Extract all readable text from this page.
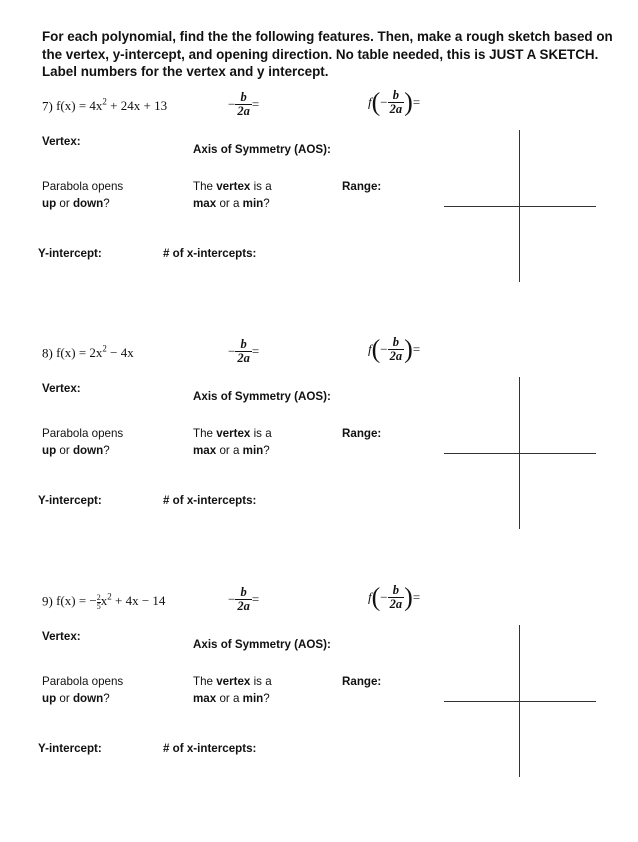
For each polynomial, find the the following features. Then, make a rough sketch based on
the vertex, y-intercept, and opening direction. No table needed, this is JUST A SKETCH.
Label numbers for the vertex and y intercept.
7) $f(x) = 4x^2 + 24x + 13$	− $\frac{b}{2a}$ =	$f(- \frac{b}{2a}$ )=
Vertex:
Axis of Symmetry (AOS):
Parabola opens
up or down?
The vertex is a
max or a min?
Range:
Y-intercept:	# of x-intercepts:
8) $f(x) = 2x^2 - 4x$	− $\frac{b}{2a}$ =	$f(- \frac{b}{2a}$ )=
Vertex:
Axis of Symmetry (AOS):
Parabola opens
up or down?
The vertex is a
max or a min?
Range:
Y-intercept:	# of x-intercepts:
9) f(x) = − $\frac{2}{5} x^2 + 4x - 14$	− $\frac{b}{2a}$ =	$f(- \frac{b}{2a}$ )=
Vertex:
Axis of Symmetry (AOS):
Parabola opens
up or down?
The vertex is a
max or a min?
Range:
Y-intercept:	# of x-intercepts:
